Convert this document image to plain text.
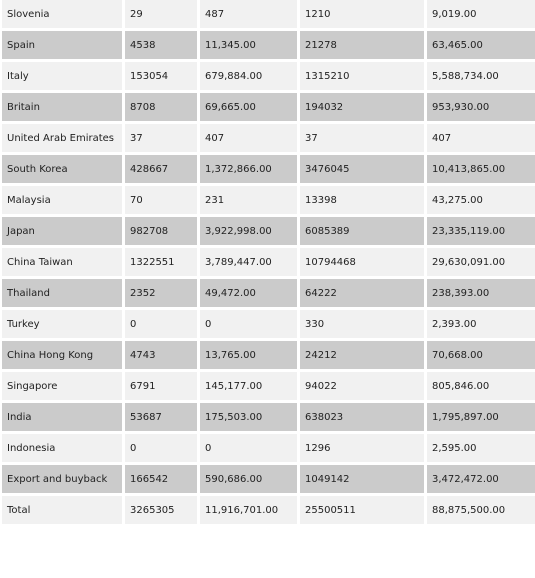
Slovenia	29	487	1210	9,019.00
Spain	4538	11,345.00	21278	63,465.00
Italy	153054	679,884.00	1315210	5,588,734.00
Britain	8708	69,665.00	194032	953,930.00
United Arab Emirates	37	407	37	407
South Korea	428667	1,372,866.00	3476045	10,413,865.00
Malaysia	70	231	13398	43,275.00
Japan	982708	3,922,998.00	6085389	23,335,119.00
China Taiwan	1322551	3,789,447.00	10794468	29,630,091.00
Thailand	2352	49,472.00	64222	238,393.00
Turkey	0	0	330	2,393.00
China Hong Kong	4743	13,765.00	24212	70,668.00
Singapore	6791	145,177.00	94022	805,846.00
India	53687	175,503.00	638023	1,795,897.00
Indonesia	0	0	1296	2,595.00
Export and buyback	166542	590,686.00	1049142	3,472,472.00
Total	3265305	11,916,701.00	25500511	88,875,500.00
